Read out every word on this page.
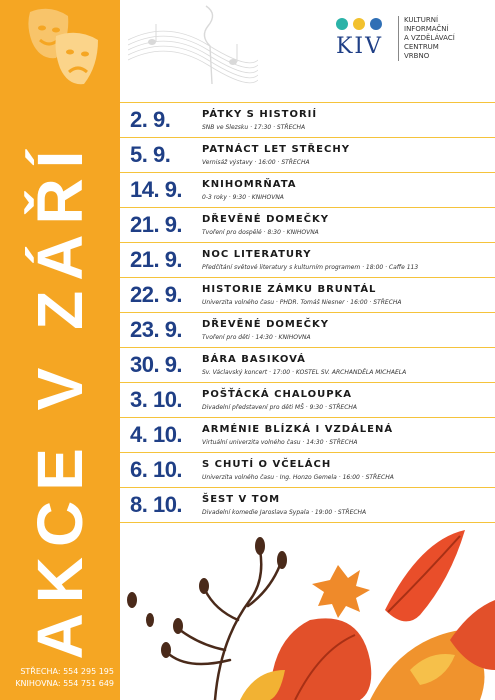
AKCE V ZÁŘÍ
STŘECHA: 554 295 195
KNIHOVNA: 554 751 649
KIV
KULTURNÍ
INFORMAČNÍ
A VZDĚLÁVACÍ
CENTRUM
VRBNO
2. 9.	PÁTKY S HISTORIÍ
SNB ve Slezsku · 17:30 · STŘECHA
5. 9.	PATNÁCT LET STŘECHY
Vernisáž výstavy · 16:00 · STŘECHA
14. 9. KNIHOMRŇATA
0-3 roky · 9:30 · KNIHOVNA
21. 9. DŘEVĚNÉ DOMEČKY
Tvoření pro dospělé · 8:30 · KNIHOVNA
21. 9. NOC LITERATURY
Předčítání světové literatury s kulturním programem · 18:00 · Caffe 113
22. 9. HISTORIE ZÁMKU BRUNTÁL
Univerzita volného času · PHDR. Tomáš Niesner · 16:00 · STŘECHA
23. 9. DŘEVĚNÉ DOMEČKY
Tvoření pro děti · 14:30 · KNIHOVNA
30. 9. BÁRA BASIKOVÁ
Sv. Václavský koncert · 17:00 · KOSTEL SV. ARCHANDĚLA MICHAELA
3. 10. POŠŤÁCKÁ CHALOUPKA
Divadelní představení pro děti MŠ · 9:30 · STŘECHA
4. 10. ARMÉNIE BLÍZKÁ I VZDÁLENÁ
Virtuální univerzita volného času · 14:30 · STŘECHA
6. 10. S CHUTÍ O VČELÁCH
Univerzita volného času · Ing. Honzo Gemela · 16:00 · STŘECHA
8. 10. ŠEST V TOM
Divadelní komedie Jaroslava Sypala · 19:00 · STŘECHA
